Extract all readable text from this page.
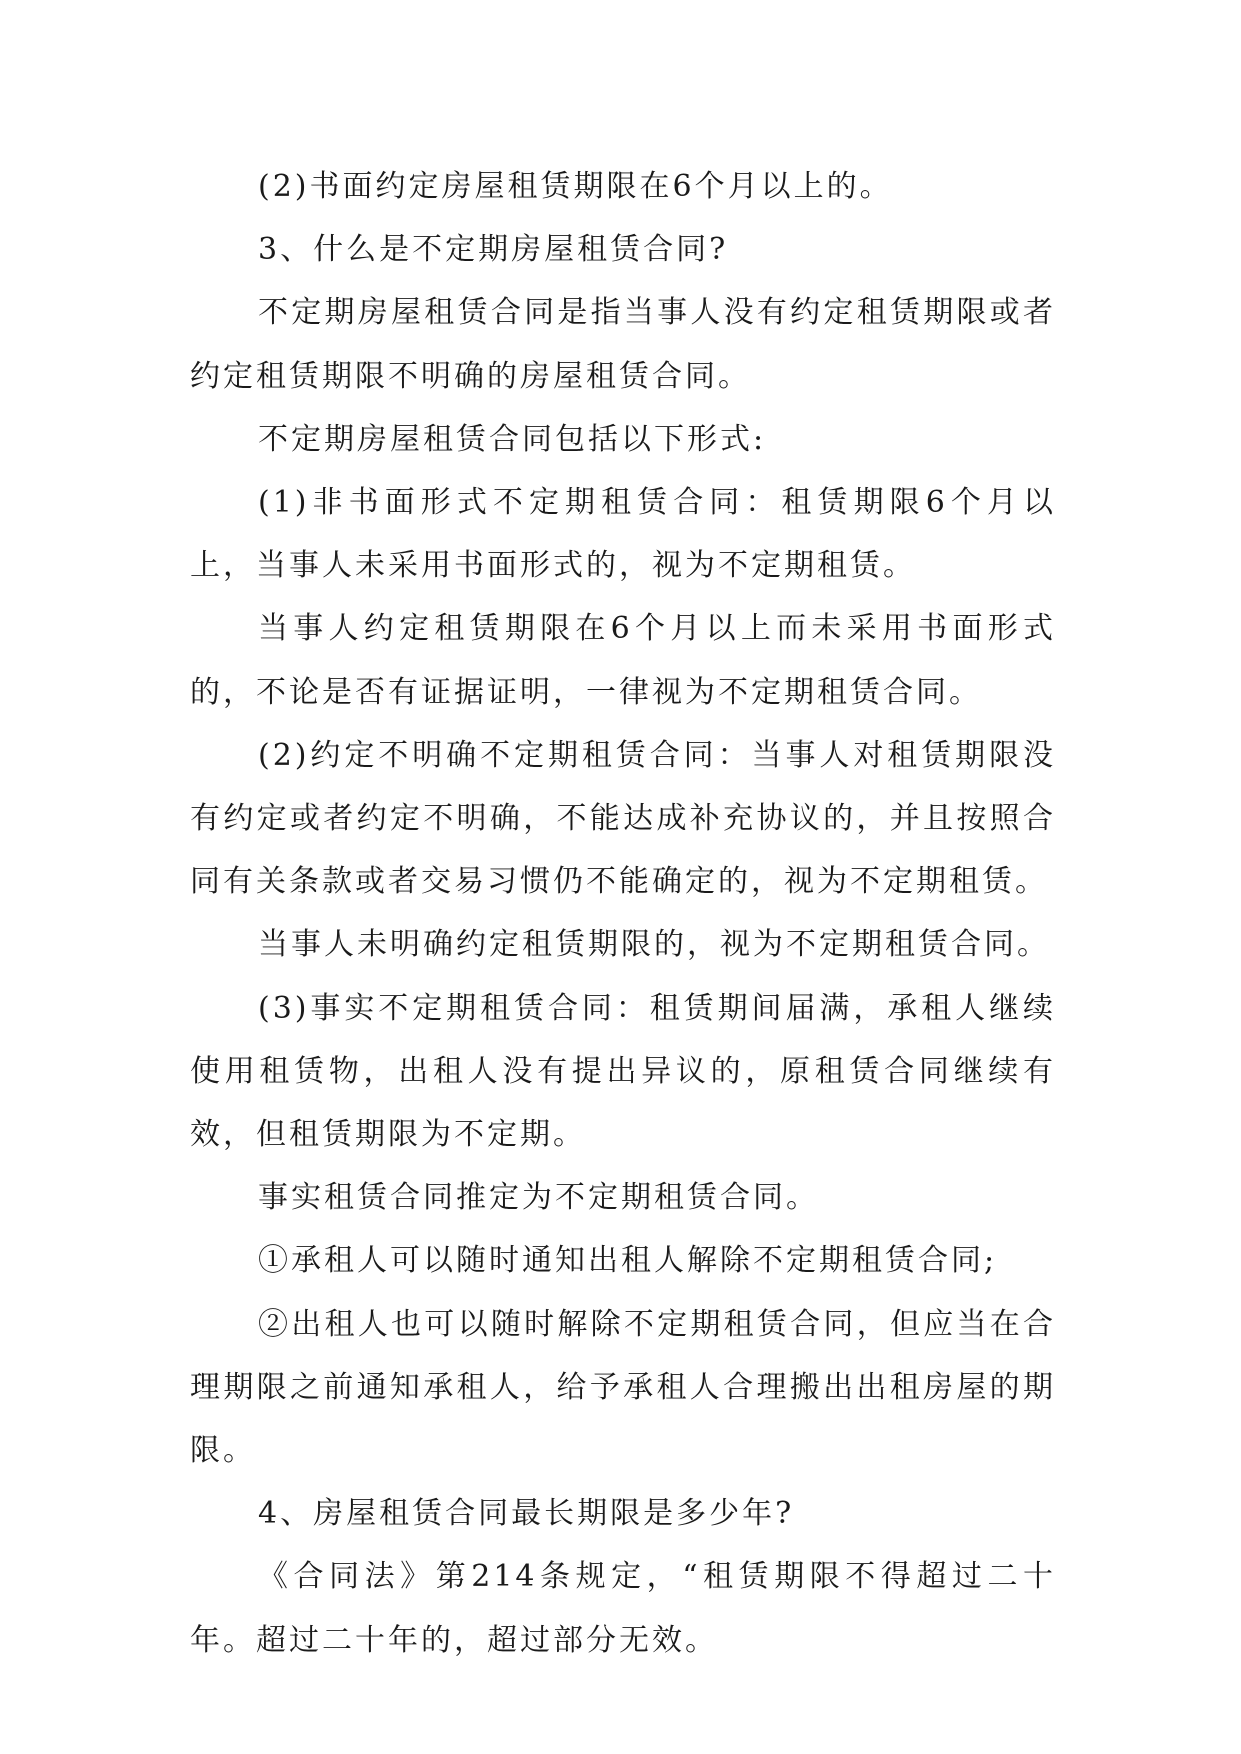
(2)书面约定房屋租赁期限在6个月以上的。

3、什么是不定期房屋租赁合同?

不定期房屋租赁合同是指当事人没有约定租赁期限或者约定租赁期限不明确的房屋租赁合同。

不定期房屋租赁合同包括以下形式:

(1)非书面形式不定期租赁合同：租赁期限6个月以上，当事人未采用书面形式的，视为不定期租赁。

当事人约定租赁期限在6个月以上而未采用书面形式的，不论是否有证据证明，一律视为不定期租赁合同。

(2)约定不明确不定期租赁合同：当事人对租赁期限没有约定或者约定不明确，不能达成补充协议的，并且按照合同有关条款或者交易习惯仍不能确定的，视为不定期租赁。

当事人未明确约定租赁期限的，视为不定期租赁合同。

(3)事实不定期租赁合同：租赁期间届满，承租人继续使用租赁物，出租人没有提出异议的，原租赁合同继续有效，但租赁期限为不定期。

事实租赁合同推定为不定期租赁合同。

①承租人可以随时通知出租人解除不定期租赁合同;

②出租人也可以随时解除不定期租赁合同，但应当在合理期限之前通知承租人，给予承租人合理搬出出租房屋的期限。

4、房屋租赁合同最长期限是多少年?

《合同法》第214条规定，“租赁期限不得超过二十年。超过二十年的，超过部分无效。
